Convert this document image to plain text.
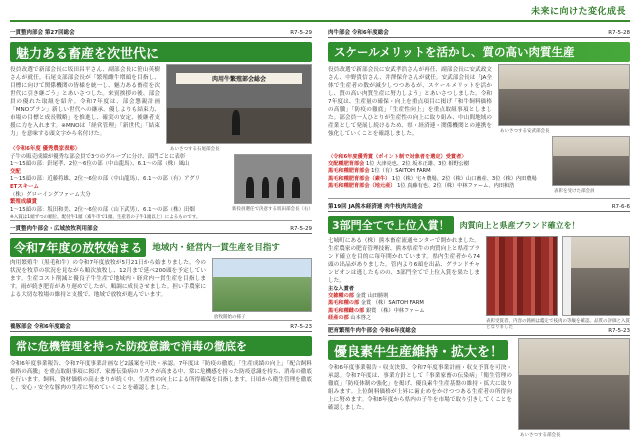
未来に向けた変化成長
一貫整肉部会 第27回総会	R7-5-29
魅力ある畜産を次世代に
役員改選で新部会長に坂田昌平さん、副部会長に笹山英樹さんが就任。石尾支部部会長が「繁殖雌牛増頭を目指し、目標に向けて関係機関の皆様を統一し、魅力ある畜産を次世代に引き継ごう」とあいさつした。来賓挨拶の後、部会員の優れた取組を紹介。令和7年度は、部会懇親計画「MNOプラン」新しい世代への継承、優しよりも結束力、市場の目標と成長戦略」を推進し、確実の安定、後継者支援に力を入れます。※MNOは「経営管理」「新世代」「結束力」を意味する頭文字から名付けた。
肉用牛繁殖部会総会
あいさつする石尾部会長
新役員選任で決意する坂田部会長（右）
〈令和6年度 優秀農家表彰〉
子牛の販売成績が優秀な部会員で3つのグループに分け、部門ごとに表彰
1〜15頭の部：針尾孝、2位～6位の部（中山龍馬）、6.1～の部（株）風山
交配
1〜15頭の部：近藤将雄、2位～6位の部（中山龍馬）、6.1～の部（有）アグリ
ETスキーム
（株）グローイングファーム大分
繁殖成績賞
1〜15頭の部：坂田和美、2位～6位の部（山下武男）、6.1～の部（株）田畑
※入賞は1頭ずつの順位、配付牛1頭（素牛市で1頭、生産者の子牛1頭以上）によるものです。
一貫整肉牛部会・広域放牧利用部会	R7-5-29
令和7年度の放牧始まる	地域内・経営内一貫生産を目指す
肉用繁殖牛（黒毛和牛）の令和7年度放牧が5月21日から始まりました。今の状況を牧草の状況を見ながら順次放牧し、12月まで延べ200頭を予定しています。生産コスト削減と優良子牛生産で地域内・経営内一貫生産を目指します。雨が続き肥育があり遅めでしたが、順調に成長させました。担い手農家による大切な牧場の維持と支援で、地域で放牧が進んでいます。
放牧開始の様子
養豚部会 令和6年度総会	R7-5-23
常に危機管理を持った防疫意識で消毒の徹底を
令和6年度事業報告、令和7年度事業計画など2議案を可決・承認。7年度は「防疫の徹底」「生産成績の向上」「配合飼料価格の高騰」を重点取組事項に掲げ、家畜伝染病のリスクが高まる中、常に危機感を持った防疫意識を持ち、消毒の徹底を行います。飼料、資材価格の高止まりが続く中、生産性の向上による所得確保を目指します。日頃から衛生管理を徹底し、安心・安全な豚肉の生産に努めていくことを確認しました。
肉牛部会 令和6年度総会	R7-5-28
スケールメリットを活かし、質の高い肉質生産
役員改選で新部会長に安武孝浩さんが再任、副部会長に安武政文さん、中野貴信さん、井澤保介さんが就任。安武部会長は「JA全体で生産者の数が減少しつつあるが、スケールメリットを活かし、質の高い肉質生産に努力しよう」とあいさつしました。令和7年度は、生産量の確保・向上を重点項目に掲げ「和牛飼料価格の高騰」「防疫の徹底」「生産性向上」を重点取組事項としました。部会員一人ひとりが生産性の向上に取り組み、中山間地域の産業として発展し続けるため、県・経済連・関係機関との連携を強化していくことを確認しました。	あいさつする安武部会長
表彰を受けた部会員
〈令和6年度優秀賞（ポイント制で対象者を選定）受賞者〉
交配種肥育部会 1位 大津亮也、2位 坂本正雄、3位 相野公樹
黒毛和種肥育部会 1位（有）SAITOH FARM
黒毛和種肥育部会（素牛） 1位（株）宅々農場、2位（株）山口畜産、3位（株）内田農場
黒毛和種肥育部会（地元産） 1位 真藤有也、2位（株）中林ファーム、内田和浩
第19回 JA熊本経済連 肉牛枝肉共進会	R7-6-6
3部門全てで上位入賞！	肉質向上と県産ブランド確立を！
七城町にある（株）熊本畜産流通センターで開かれました。生産農家の肥育管理技術、熊本県産牛の肉質向上と県産ブランド確立を目的に毎年開かれています。県内生産者から74頭の出品がありました。管内より6頭を出品、グランドチャンピオンは逃したものの、3部門全てで上位入賞を果たしました。
主な入賞者
交雑種の部 金賞 山田勝則
黒毛和種の部 金賞 （株）SAITOH FARM
黒毛和種雌の部 銀賞 （株）中林ファーム
経産の部 山本啓之
表彰受賞者、内容の銘柄は鑑定で枝肉の等級を確認、品質の評価と入賞となりました
肥育繁殖牛肉牛部会 令和6年度総会	R7-5-23
優良素牛生産維持・拡大を！
令和6年度事業報告・収支決算、令和7年度事業計画・収支予算を可決・承認。令和7年度は、事業方針として「事業家畜の伝染病」「衛生管理の徹底」「防疫体制の強化」を掲げ、優良素牛生産基盤の維持・拡大に取り組みます。上位飼料価格が上昇に歯止めをかけつつある生産者の所得向上に努めます。令和8年度から県内の子牛を市場で取り引きしてくことを確認しました。
あいさつする部会長
